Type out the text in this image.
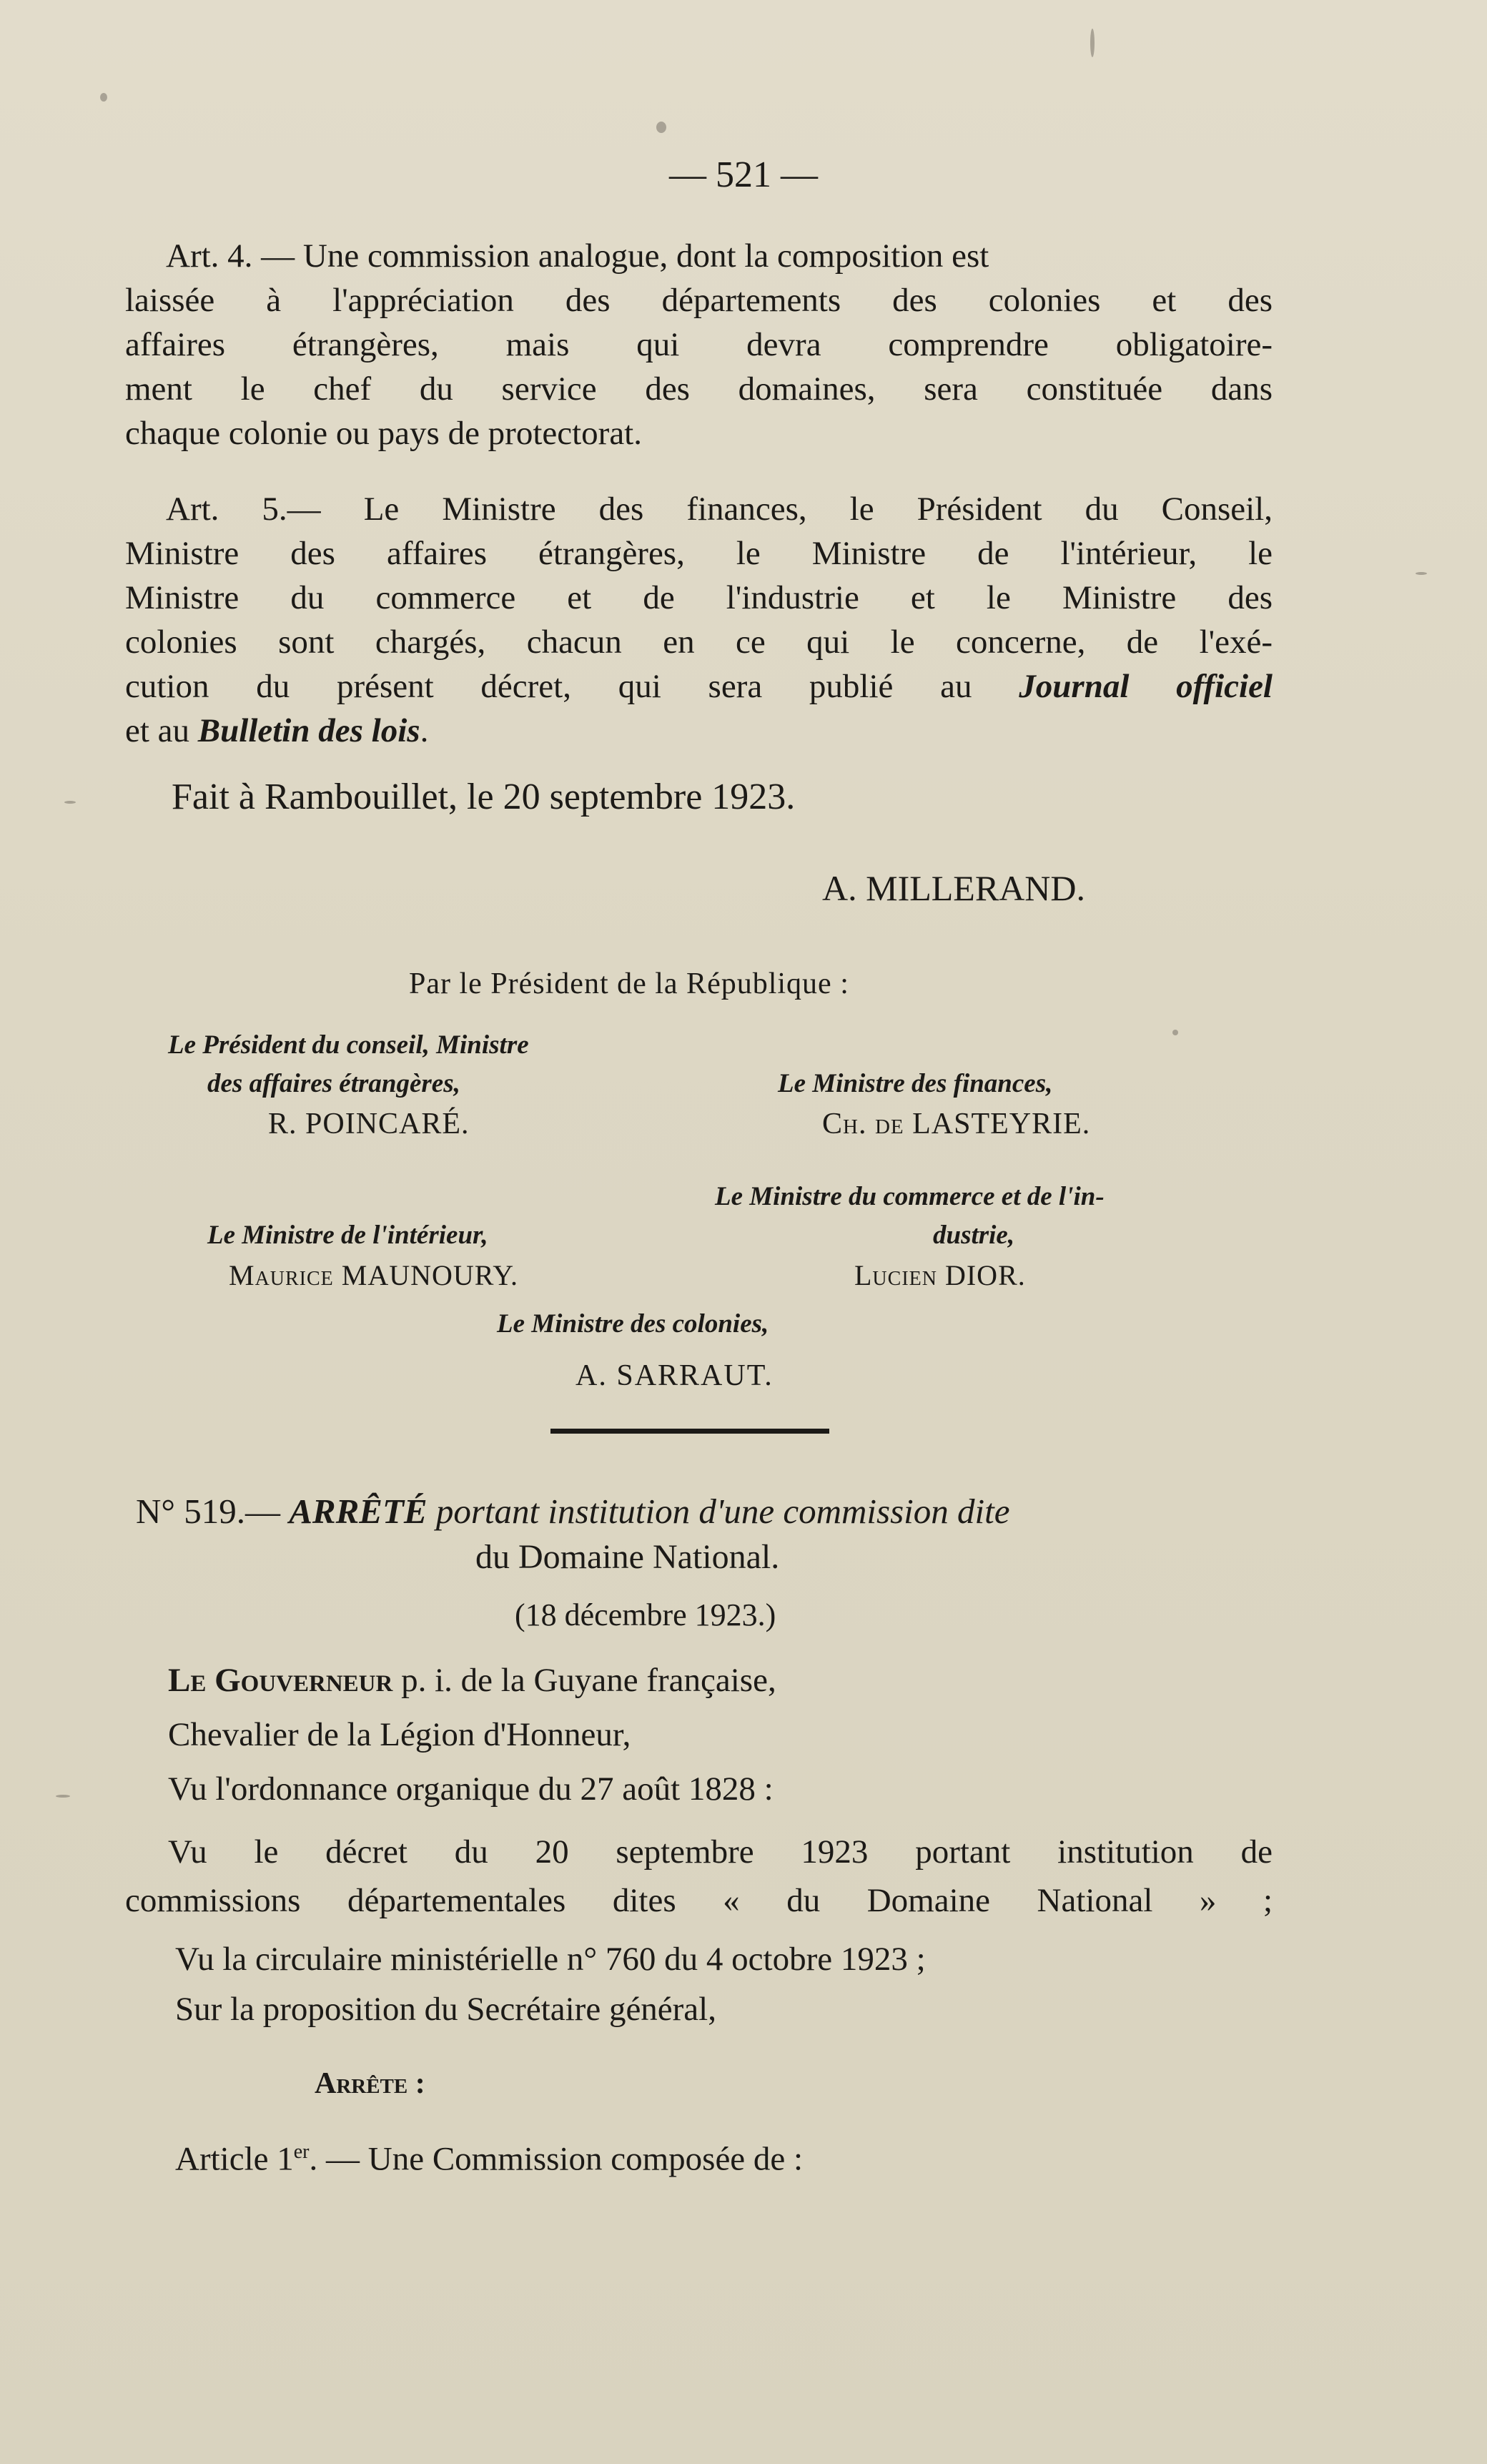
— 521 —
Art. 4. — Une commission analogue, dont la composition est
laissée à l'appréciation des départements des colonies et des
affaires étrangères, mais qui devra comprendre obligatoire-
ment le chef du service des domaines, sera constituée dans
chaque colonie ou pays de protectorat.
Art. 5.— Le Ministre des finances, le Président du Conseil,
Ministre des affaires étrangères, le Ministre de l'intérieur, le
Ministre du commerce et de l'industrie et le Ministre des
colonies sont chargés, chacun en ce qui le concerne, de l'exé-
cution du présent décret, qui sera publié au Journal officiel
et au Bulletin des lois.
Fait à Rambouillet, le 20 septembre 1923.
A. MILLERAND.
Par le Président de la République :
Le Président du conseil, Ministre
des affaires étrangères,
R. POINCARÉ.
Le Ministre des finances,
Ch. de LASTEYRIE.
Le Ministre du commerce et de l'in-
dustrie,
Lucien DIOR.
Le Ministre de l'intérieur,
Maurice MAUNOURY.
Le Ministre des colonies,
A. SARRAUT.
N° 519.— ARRÊTÉ portant institution d'une commission dite
du Domaine National.
(18 décembre 1923.)
Le Gouverneur p. i. de la Guyane française,
Chevalier de la Légion d'Honneur,
Vu l'ordonnance organique du 27 août 1828 :
Vu le décret du 20 septembre 1923 portant institution de
commissions départementales dites « du Domaine National » ;
Vu la circulaire ministérielle n° 760 du 4 octobre 1923 ;
Sur la proposition du Secrétaire général,
Arrête :
Article 1er. — Une Commission composée de :
